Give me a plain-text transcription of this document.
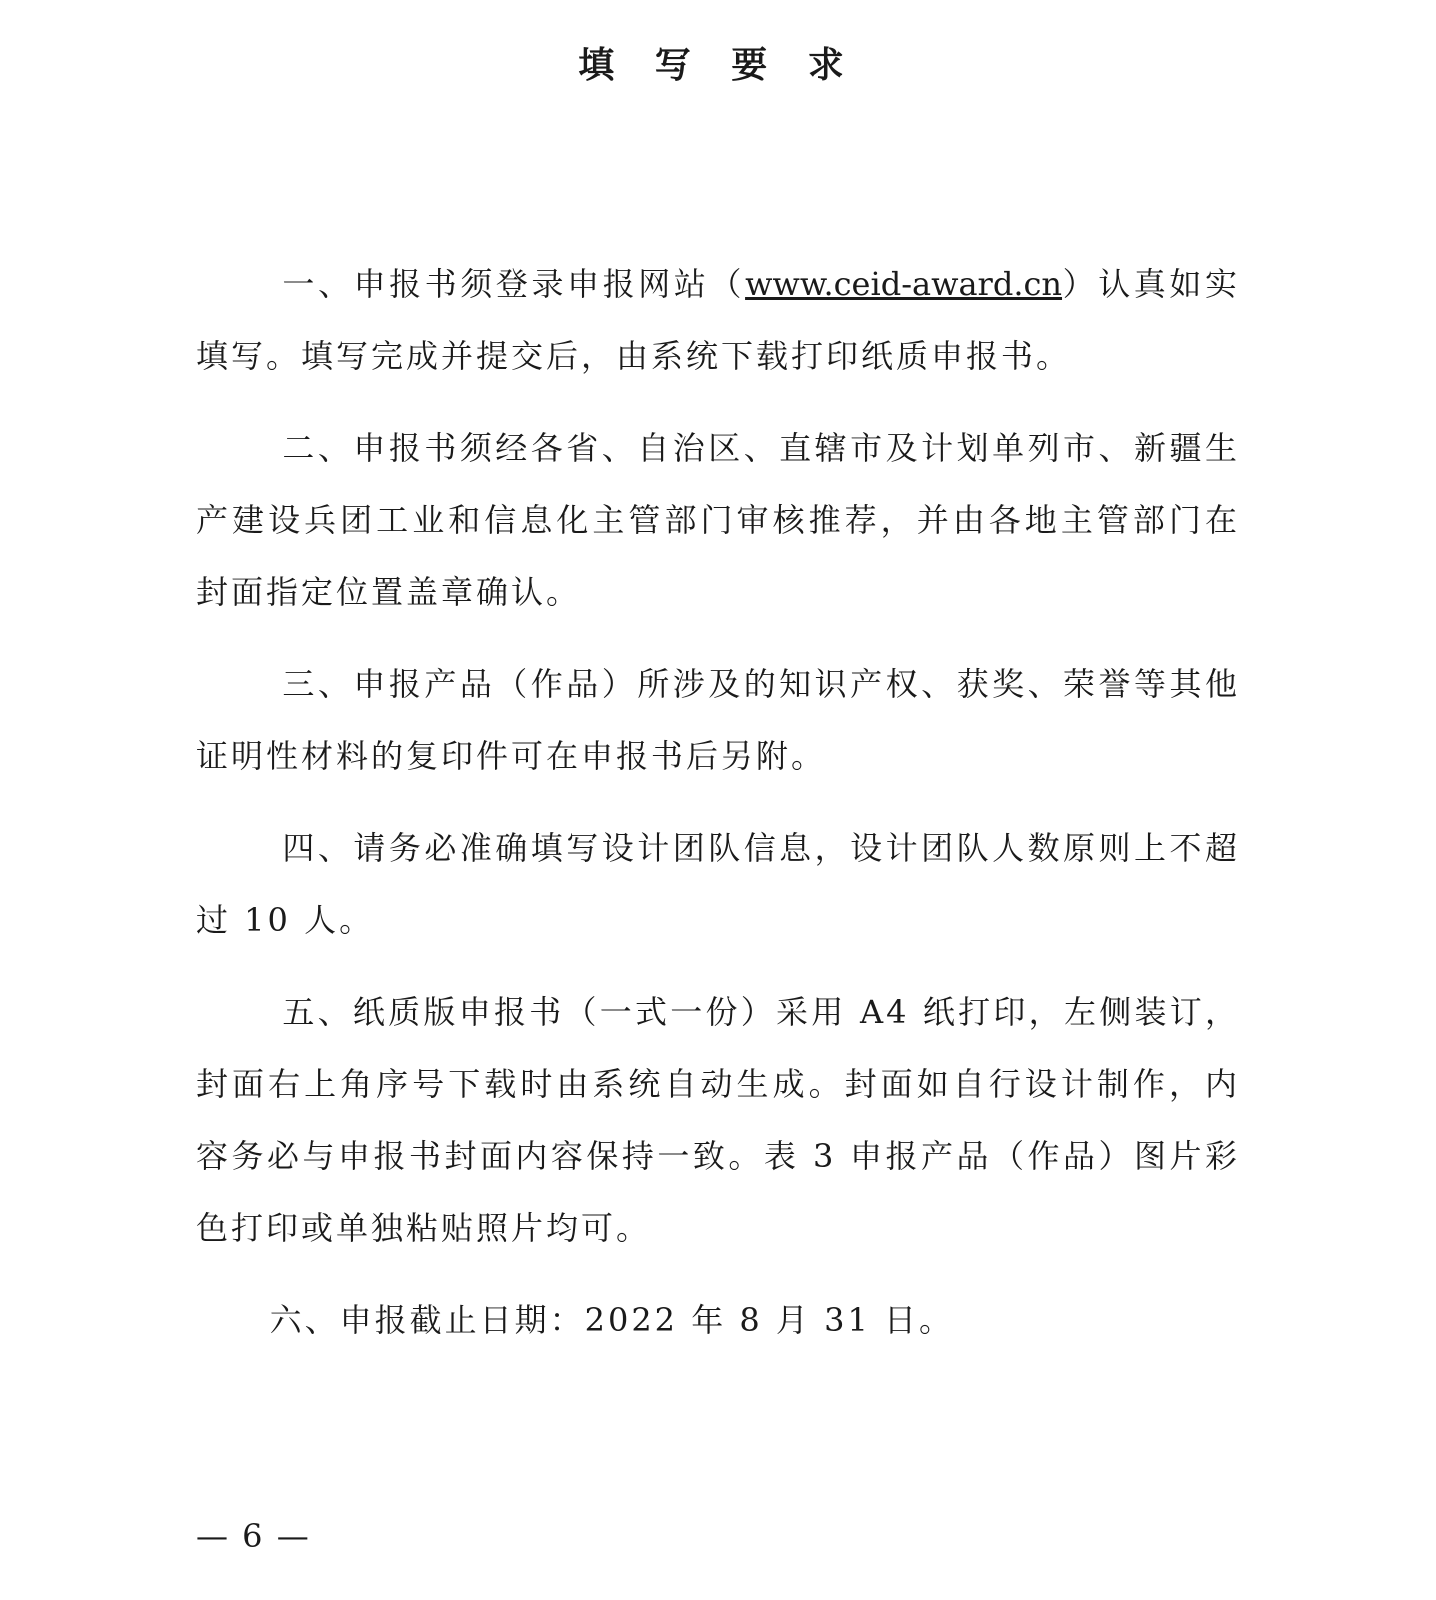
填 写 要 求

一、申报书须登录申报网站（www.ceid-award.cn）认真如实填写。填写完成并提交后，由系统下载打印纸质申报书。

二、申报书须经各省、自治区、直辖市及计划单列市、新疆生产建设兵团工业和信息化主管部门审核推荐，并由各地主管部门在封面指定位置盖章确认。

三、申报产品（作品）所涉及的知识产权、获奖、荣誉等其他证明性材料的复印件可在申报书后另附。

四、请务必准确填写设计团队信息，设计团队人数原则上不超过 10 人。

五、纸质版申报书（一式一份）采用 A4 纸打印，左侧装订，封面右上角序号下载时由系统自动生成。封面如自行设计制作，内容务必与申报书封面内容保持一致。表 3 申报产品（作品）图片彩色打印或单独粘贴照片均可。

六、申报截止日期：2022 年 8 月 31 日。

— 6 —
